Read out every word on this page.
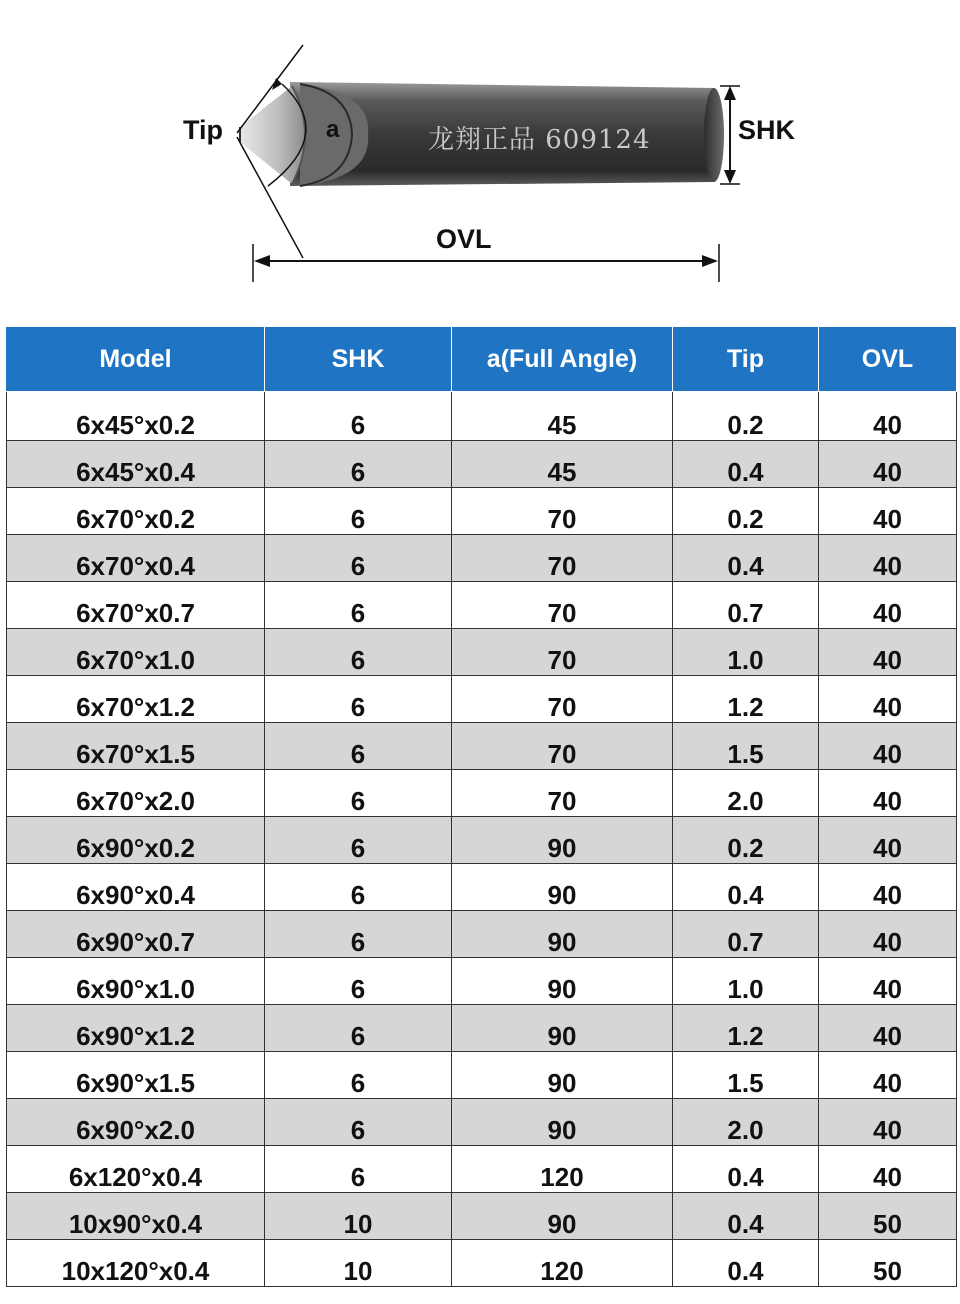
龙翔正品 609124
Tip	a	SHK
OVL
Model	SHK	a(Full Angle)	Tip	OVL
6x45°x0.2	6	45	0.2	40
6x45°x0.4	6	45	0.4	40
6x70°x0.2	6	70	0.2	40
6x70°x0.4	6	70	0.4	40
6x70°x0.7	6	70	0.7	40
6x70°x1.0	6	70	1.0	40
6x70°x1.2	6	70	1.2	40
6x70°x1.5	6	70	1.5	40
6x70°x2.0	6	70	2.0	40
6x90°x0.2	6	90	0.2	40
6x90°x0.4	6	90	0.4	40
6x90°x0.7	6	90	0.7	40
6x90°x1.0	6	90	1.0	40
6x90°x1.2	6	90	1.2	40
6x90°x1.5	6	90	1.5	40
6x90°x2.0	6	90	2.0	40
6x120°x0.4	6	120	0.4	40
10x90°x0.4	10	90	0.4	50
10x120°x0.4	10	120	0.4	50
